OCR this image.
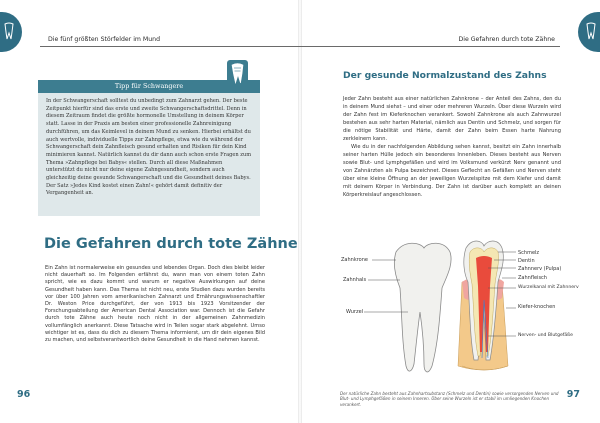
Die fünf größten Störfelder im Mund
Tipp für Schwangere
In der Schwangerschaft solltest du unbedingt zum Zahnarzt gehen. Der beste Zeitpunkt hierfür sind das erste und zweite Schwangerschaftsdrittel. Denn in diesem Zeitraum findet die größte hormonelle Umstellung in deinem Körper statt. Lasse in der Praxis am besten einer professionelle Zahnreinigung durchführen, um das Keimlevel in deinem Mund zu senken. Hierbei erhältst du auch wertvolle, individuelle Tipps zur Zahnpflege, etwa wie du während der Schwangerschaft dein Zahnfleisch gesund erhalten und Risiken für dein Kind minimieren kannst. Natürlich kannst du dir dann auch schon erste Fragen zum Thema »Zahnpflege bei Babys« stellen. Durch all diese Maßnahmen unterstützt du nicht nur deine eigene Zahngesundheit, sondern auch gleichzeitig deine gesunde Schwangerschaft und die Gesundheit deines Babys. Der Satz »Jedes Kind kostet einen Zahn!« gehört damit definitiv der Vergangenheit an.
Die Gefahren durch tote Zähne
Ein Zahn ist normalerweise ein gesundes und lebendes Organ. Doch dies bleibt leider nicht dauerhaft so. Im Folgenden erfährst du, wann man von einem toten Zahn spricht, wie es dazu kommt und warum er negative Auswirkungen auf deine Gesundheit haben kann. Das Thema ist nicht neu, erste Studien dazu wurden bereits vor über 100 Jahren vom amerikanischen Zahnarzt und Ernährungswissenschaftler Dr. Weston Price durchgeführt, der von 1913 bis 1923 Vorsitzender der Forschungsabteilung der American Dental Association war. Dennoch ist die Gefahr durch tote Zähne auch heute noch nicht in der allgemeinen Zahnmedizin vollumfänglich anerkannt. Diese Tatsache wird in Teilen sogar stark abgelehnt. Umso wichtiger ist es, dass du dich zu diesem Thema informierst, um dir dein eigenes Bild zu machen, und selbstverantwortlich deine Gesundheit in die Hand nehmen kannst.
96
Die Gefahren durch tote Zähne
Der gesunde Normalzustand des Zahns

Jeder Zahn besteht aus einer natürlichen Zahnkrone – der Anteil des Zahns, den du in deinem Mund siehst – und einer oder mehreren Wurzeln. Über diese Wurzeln wird der Zahn fest im Kieferknochen verankert. Sowohl Zahnkrone als auch Zahnwurzel bestehen aus sehr harten Material, nämlich aus Dentin und Schmelz, und sorgen für die nötige Stabilität und Härte, damit der Zahn beim Essen harte Nahrung zerkleinern kann.

Wie du in der nachfolgenden Abbildung sehen kannst, besitzt ein Zahn innerhalb seiner harten Hülle jedoch ein besonderes Innenleben. Dieses besteht aus Nerven sowie Blut- und Lymphgefäßen und wird im Volksmund verkürzt Nerv genannt und von Zahnärzten als Pulpa bezeichnet. Dieses Geflecht an Gefäßen und Nerven steht über eine kleine Öffnung an der jeweiligen Wurzelspitze mit dem Kiefer und damit mit deinem Körper in Verbindung. Der Zahn ist darüber auch komplett an deinen Körperkreislauf angeschlossen.

Zahnkrone
Zahnhals
Wurzel
Schmelz
Dentin
Zahnnerv (Pulpa)
Zahnfleisch
Wurzelkanal mit Zahnnerv
Kiefer-knochen
Nerven- und Blutgefäße
Der natürliche Zahn besteht aus Zahnhartsubstanz (Schmelz und Dentin) sowie versorgenden Nerven und Blut- und Lymphgefäßen in seinem Inneren. Über seine Wurzeln ist er stabil im umliegenden Knochen verankert.
97
